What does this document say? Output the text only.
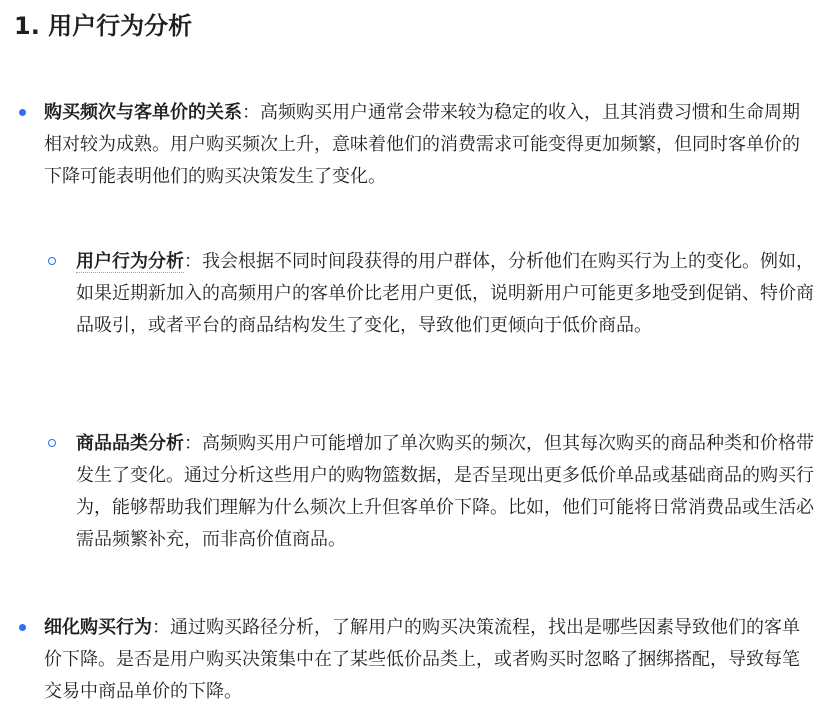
1. 用户行为分析
购买频次与客单价的关系：高频购买用户通常会带来较为稳定的收入，且其消费习惯和生命周期相对较为成熟。用户购买频次上升，意味着他们的消费需求可能变得更加频繁，但同时客单价的下降可能表明他们的购买决策发生了变化。
用户行为分析：我会根据不同时间段获得的用户群体，分析他们在购买行为上的变化。例如，如果近期新加入的高频用户的客单价比老用户更低，说明新用户可能更多地受到促销、特价商品吸引，或者平台的商品结构发生了变化，导致他们更倾向于低价商品。
商品品类分析：高频购买用户可能增加了单次购买的频次，但其每次购买的商品种类和价格带发生了变化。通过分析这些用户的购物篮数据，是否呈现出更多低价单品或基础商品的购买行为，能够帮助我们理解为什么频次上升但客单价下降。比如，他们可能将日常消费品或生活必需品频繁补充，而非高价值商品。
细化购买行为：通过购买路径分析，了解用户的购买决策流程，找出是哪些因素导致他们的客单价下降。是否是用户购买决策集中在了某些低价品类上，或者购买时忽略了捆绑搭配，导致每笔交易中商品单价的下降。
